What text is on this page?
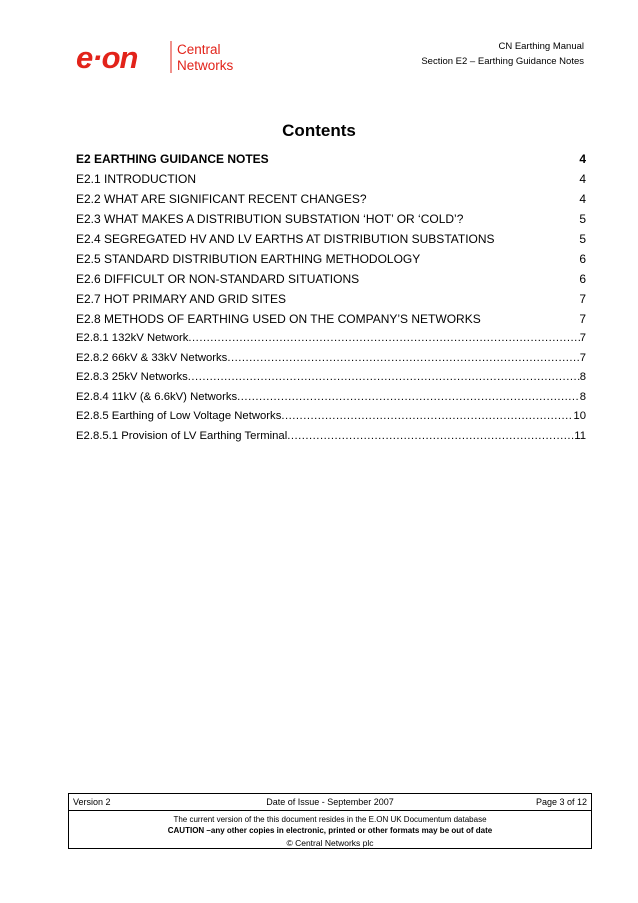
e·on	Central
Networks
CN Earthing Manual
Section E2 – Earthing Guidance Notes
Contents
E2 EARTHING GUIDANCE NOTES	4
E2.1 INTRODUCTION	4
E2.2 WHAT ARE SIGNIFICANT RECENT CHANGES?	4
E2.3 WHAT MAKES A DISTRIBUTION SUBSTATION ‘HOT’ OR ‘COLD’?	5
E2.4 SEGREGATED HV AND LV EARTHS AT DISTRIBUTION SUBSTATIONS	5
E2.5 STANDARD DISTRIBUTION EARTHING METHODOLOGY	6
E2.6 DIFFICULT OR NON-STANDARD SITUATIONS	6
E2.7 HOT PRIMARY AND GRID SITES	7
E2.8 METHODS OF EARTHING USED ON THE COMPANY’S NETWORKS	7
E2.8.1 132kV Network .....	7
E2.8.2 66kV & 33kV Networks .....	7
E2.8.3 25kV Networks .....	8
E2.8.4 11kV (& 6.6kV) Networks .....	8
E2.8.5 Earthing of Low Voltage Networks .....	10
E2.8.5.1 Provision of LV Earthing Terminal .....	11
Version 2	Date of Issue - September 2007	Page 3 of 12
The current version of the this document resides in the E.ON UK Documentum database
CAUTION –any other copies in electronic, printed or other formats may be out of date
© Central Networks plc
